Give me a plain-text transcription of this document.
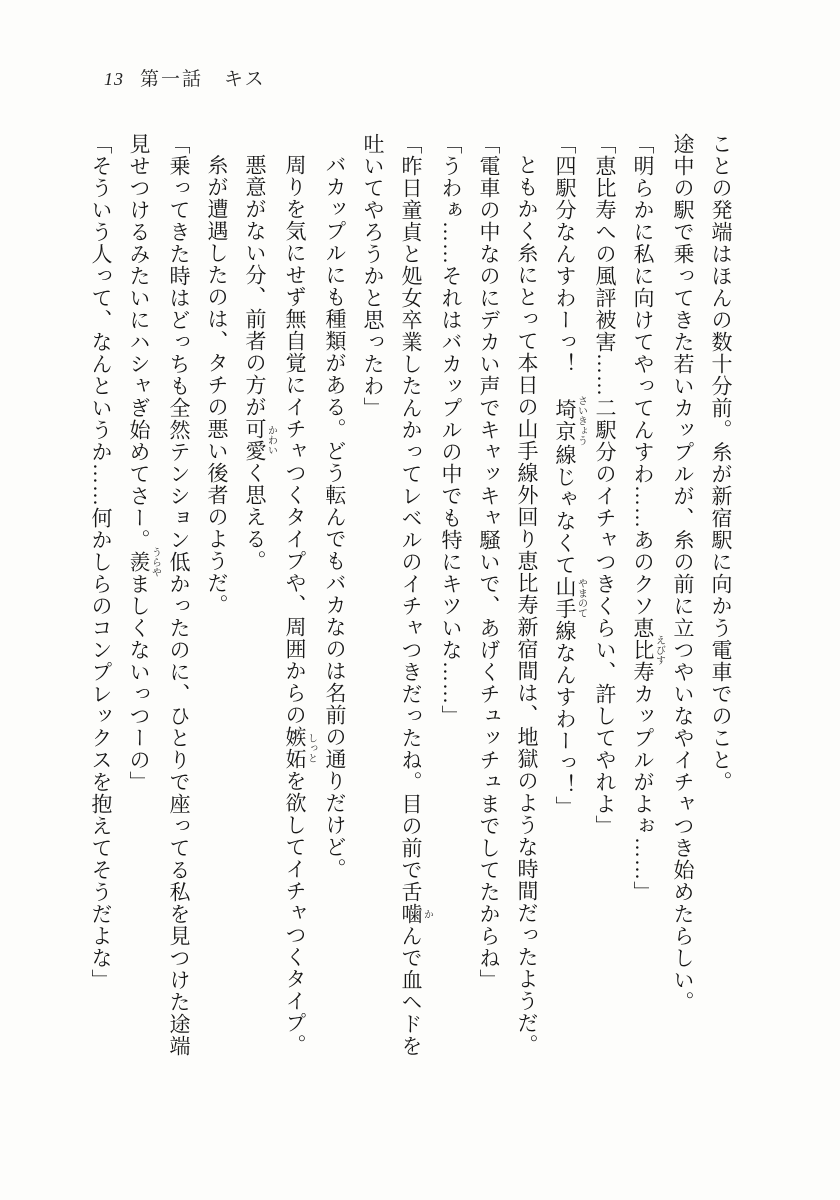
13 第一話　キス
ことの発端はほんの数十分前。糸が新宿駅に向かう電車でのこと。
途中の駅で乗ってきた若いカップルが、糸の前に立つやいなやイチャつき始めたらしい。
「明らかに私に向けてやってんすわ……あのクソ恵比寿えびすカップルがよぉ……」
「恵比寿への風評被害……二駅分のイチャつきくらい、許してやれよ」
「四駅分なんすわーっ！　埼京さいきょう線じゃなくて山手やまのて線なんすわーっ！」
ともかく糸にとって本日の山手線外回り恵比寿新宿間は、地獄のような時間だったようだ。
「電車の中なのにデカい声でキャッキャ騒いで、あげくチュッチュまでしてたからね」
「うわぁ……それはバカップルの中でも特にキツいな……」
「昨日童貞と処女卒業したんかってレベルのイチャつきだったね。目の前で舌噛かんで血ヘドを
吐いてやろうかと思ったわ」
バカップルにも種類がある。どう転んでもバカなのは名前の通りだけど。
周りを気にせず無自覚にイチャつくタイプや、周囲からの嫉妬しっとを欲してイチャつくタイプ。
悪意がない分、前者の方が可愛かわいく思える。
糸が遭遇したのは、タチの悪い後者のようだ。
「乗ってきた時はどっちも全然テンション低かったのに、ひとりで座ってる私を見つけた途端
見せつけるみたいにハシャぎ始めてさー。羨うらやましくないっつーの」
「そういう人って、なんというか……何かしらのコンプレックスを抱えてそうだよな」
